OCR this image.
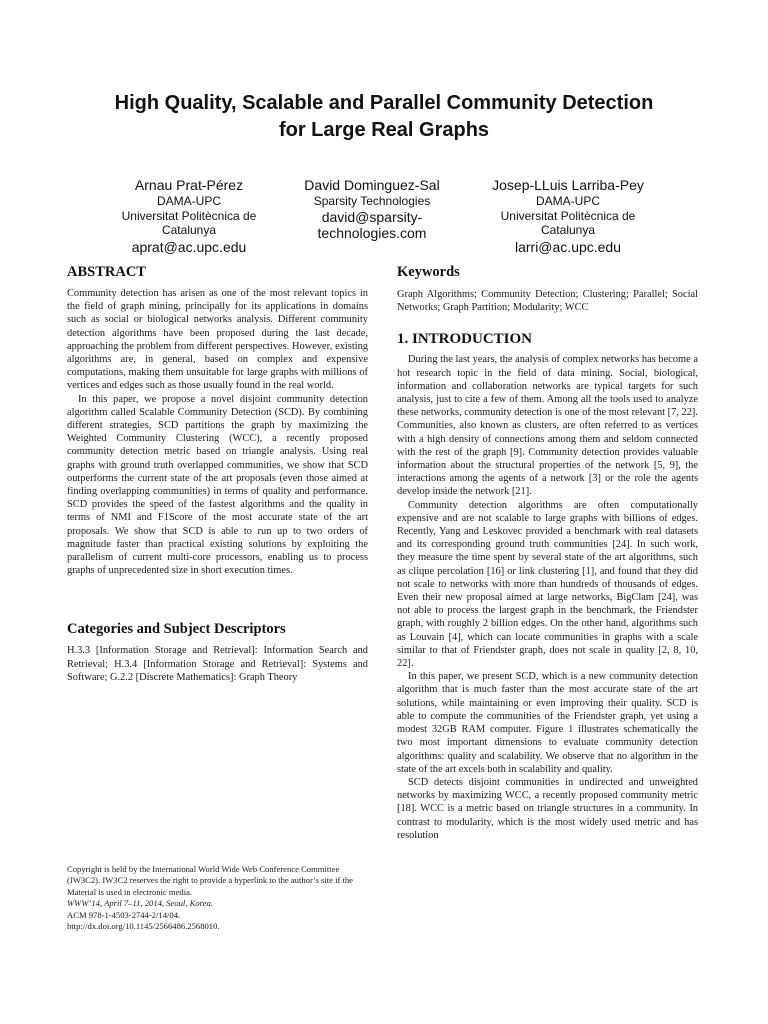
High Quality, Scalable and Parallel Community Detection
for Large Real Graphs
Arnau Prat-Pérez
DAMA-UPC
Universitat Politècnica de
Catalunya
aprat@ac.upc.edu
David Dominguez-Sal
Sparsity Technologies
david@sparsity-
technologies.com
Josep-LLuis Larriba-Pey
DAMA-UPC
Universitat Politècnica de
Catalunya
larri@ac.upc.edu
ABSTRACT

Community detection has arisen as one of the most relevant topics in the field of graph mining, principally for its applications in domains such as social or biological networks analysis. Different community detection algorithms have been proposed during the last decade, approaching the problem from different perspectives. However, existing algorithms are, in general, based on complex and expensive computations, making them unsuitable for large graphs with millions of vertices and edges such as those usually found in the real world.

In this paper, we propose a novel disjoint community detection algorithm called Scalable Community Detection (SCD). By combining different strategies, SCD partitions the graph by maximizing the Weighted Community Clustering (WCC), a recently proposed community detection metric based on triangle analysis. Using real graphs with ground truth overlapped communities, we show that SCD outperforms the current state of the art proposals (even those aimed at finding overlapping communities) in terms of quality and performance. SCD provides the speed of the fastest algorithms and the quality in terms of NMI and F1Score of the most accurate state of the art proposals. We show that SCD is able to run up to two orders of magnitude faster than practical existing solutions by exploiting the parallelism of current multi-core processors, enabling us to process graphs of unprecedented size in short execution times.

Categories and Subject Descriptors
H.3.3 [Information Storage and Retrieval]: Information Search and Retrieval; H.3.4 [Information Storage and Retrieval]: Systems and Software; G.2.2 [Discrete Mathematics]: Graph Theory

Copyright is held by the International World Wide Web Conference Committee (IW3C2). IW3C2 reserves the right to provide a hyperlink to the author’s site if the Material is used in electronic media.

WWW’14, April 7–11, 2014, Seoul, Korea.

ACM 978-1-4503-2744-2/14/04.

http://dx.doi.org/10.1145/2566486.2568010.

Keywords
Graph Algorithms; Community Detection; Clustering; Parallel; Social Networks; Graph Partition; Modularity; WCC
1. INTRODUCTION

During the last years, the analysis of complex networks has become a hot research topic in the field of data mining. Social, biological, information and collaboration networks are typical targets for such analysis, just to cite a few of them. Among all the tools used to analyze these networks, community detection is one of the most relevant [7, 22]. Communities, also known as clusters, are often referred to as vertices with a high density of connections among them and seldom connected with the rest of the graph [9]. Community detection provides valuable information about the structural properties of the network [5, 9], the interactions among the agents of a network [3] or the role the agents develop inside the network [21].

Community detection algorithms are often computationally expensive and are not scalable to large graphs with billions of edges. Recently, Yang and Leskovec provided a benchmark with real datasets and its corresponding ground truth communities [24]. In such work, they measure the time spent by several state of the art algorithms, such as clique percolation [16] or link clustering [1], and found that they did not scale to networks with more than hundreds of thousands of edges. Even their new proposal aimed at large networks, BigClam [24], was not able to process the largest graph in the benchmark, the Friendster graph, with roughly 2 billion edges. On the other hand, algorithms such as Louvain [4], which can locate communities in graphs with a scale similar to that of Friendster graph, does not scale in quality [2, 8, 10, 22].

In this paper, we present SCD, which is a new community detection algorithm that is much faster than the most accurate state of the art solutions, while maintaining or even improving their quality. SCD is able to compute the communities of the Friendster graph, yet using a modest 32GB RAM computer. Figure 1 illustrates schematically the two most important dimensions to evaluate community detection algorithms: quality and scalability. We observe that no algorithm in the state of the art excels both in scalability and quality.

SCD detects disjoint communities in undirected and unweighted networks by maximizing WCC, a recently proposed community metric [18]. WCC is a metric based on triangle structures in a community. In contrast to modularity, which is the most widely used metric and has resolution
